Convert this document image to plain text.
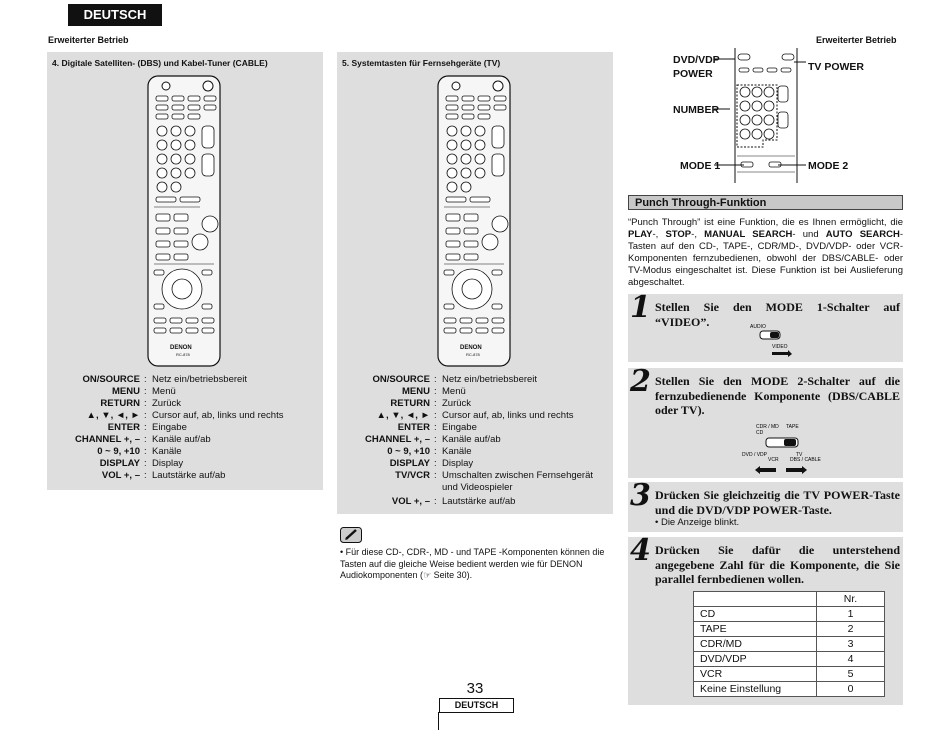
DEUTSCH
Erweiterter Betrieb	Erweiterter Betrieb
4. Digitale Satelliten- (DBS) und Kabel-Tuner (CABLE)
DENON
RC-878
ON/SOURCE : Netz ein/betriebsbereit
MENU : Menü
RETURN : Zurück
▲, ▼, ◄, ► : Cursor auf, ab, links und rechts
ENTER : Eingabe
CHANNEL +, – : Kanäle auf/ab
0 ~ 9, +10 : Kanäle
DISPLAY : Display
VOL +, – : Lautstärke auf/ab
5. Systemtasten für Fernsehgeräte (TV)
DENON
RC-878
ON/SOURCE : Netz ein/betriebsbereit
MENU : Menü
RETURN : Zurück
▲, ▼, ◄, ► : Cursor auf, ab, links und rechts
ENTER : Eingabe
CHANNEL +, – : Kanäle auf/ab
0 ~ 9, +10 : Kanäle
DISPLAY : Display
TV/VCR : Umschalten zwischen Fernsehgerät
und Videospieler
VOL +, – : Lautstärke auf/ab
• Für diese CD-, CDR-, MD - und TAPE -Komponenten können die Tasten auf die gleiche Weise bedient werden wie für DENON Audiokomponenten (☞ Seite 30).
DVD/VDP
POWER
TV POWER
NUMBER
MODE 1	MODE 2
Punch Through-Funktion
“Punch Through” ist eine Funktion, die es Ihnen ermöglicht, die PLAY-, STOP-, MANUAL SEARCH- und AUTO SEARCH-Tasten auf den CD-, TAPE-, CDR/MD-, DVD/VDP- oder VCR-Komponenten fernzubedienen, obwohl der DBS/CABLE- oder TV-Modus eingeschaltet ist. Diese Funktion ist bei Auslieferung abgeschaltet.
1 Stellen Sie den MODE 1-Schalter auf “VIDEO”.	AUDIO
VIDEO
2 Stellen Sie den MODE 2-Schalter auf die fernzubedienende Komponente (DBS/CABLE oder TV).
CDR / MD
CD
TAPE
DVD / VDP
VCR
TV
DBS / CABLE
3 Drücken Sie gleichzeitig die TV POWER-Taste und die DVD/VDP POWER-Taste.
• Die Anzeige blinkt.
4 Drücken Sie dafür die unterstehend angegebene Zahl für die Komponente, die Sie parallel fernbedienen wollen.
	Nr.
CD	1
TAPE	2
CDR/MD	3
DVD/VDP	4
VCR	5
Keine Einstellung	0
33
DEUTSCH
